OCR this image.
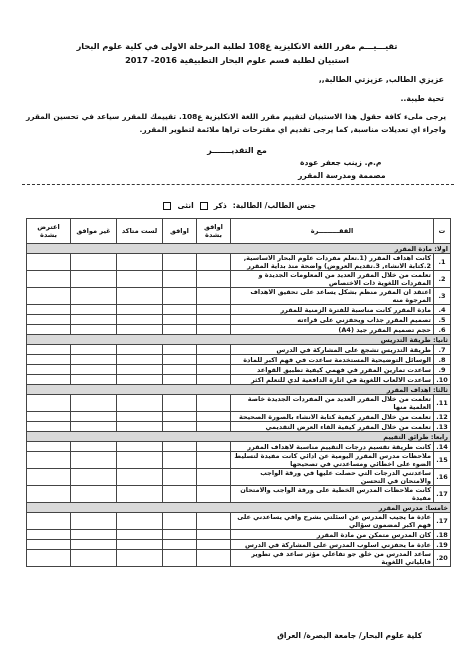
تقيـــيـــم مقرر اللغة الانكليزية ع108 لطلبة المرحلة الاولى في كلية علوم البحار
استبيان لطلبة قسم علوم البحار التطبيقية 2016- 2017
عزيزي الطالب, عزيزتي الطالبة,,
تحية طيبة..
يرجى ملىء كافة حقول هذا الاستبيان لتقييم مقرر اللغة الانكليزية ع108. تقييمك للمقرر سياعد في تحسين المقرر واجراء اي تعديلات مناسبة, كما يرجى تقديم اي مقترحات تراها ملائمة لتطوير المقرر.
مع التقديـــــــر
م.م. زينب جعفر عودة
مصممة ومدرسة المقرر
جنس الطالب/ الطالبة:
ذكر
انثى
ت	الفقـــــــــرة	اوافق بشدة	اوافق	لست متاكد	غير موافق	اعترض بشدة
اولا: مادة المقرر						
1.	كانت اهداف المقرر (1.تعلم مفردات علوم البحار الاساسية, 2.كتابة الانشاء, 3.تقديم العروض) واضحة منذ بداية المقرر					
2.	تعلمت من خلال المقرر العديد من المعلومات الجديدة و المفردات اللغوية ذات الاختصاص					
3.	اعتقد ان المقرر منظم بشكل يساعد على تحقيق الاهداف المرجوة منه					
4.	مادة المقرر كانت مناسبة للفترة الزمنية للمقرر					
5.	تصميم المقرر جذاب ويحفزني على قراءته					
6.	حجم تصميم المقرر جيد (A4)					
ثانيا: طريقة التدريس						
7.	طريقة التدريس تشجع على المشاركة في الدرس					
8.	الوسائل التوضيحية المستخدمة ساعدت في فهم اكبر للمادة					
9.	ساعدت تمارين المقرر في فهمي كيفية تطبيق القواعد					
10.	ساعدت الالعاب اللغوية في اثارة الدافعية لدي للتعلم اكثر					
ثالثا: اهداف المقرر						
11.	تعلمت من خلال المقرر العديد من المفردات الجديدة خاصة العلمية منها					
12.	تعلمت من خلال المقرر كيفية كتابة الانشاء بالصورة الصحيحة					
13.	تعلمت من خلال المقرر كيفية القاء العرض التقديمي					
رابعا: طرائق التقييم						
14.	كانت طريقة تقسيم درجات التقييم مناسبة لاهداف المقرر					
15.	ملاحظات مدرس المقرر اليومية عن ادائي كانت مفيدة لتسليط الضوء على اخطائي ومساعدتي في تصحيحها					
16.	ساعدتني الدرجات التي حصلت عليها في ورقة الواجب والامتحان في التحسن					
17.	كانت ملاحظات المدرس الخطية على ورقة الواجب والامتحان مفيدة					
خامسا: مدرس المقرر						
17.	عادة ما يجيب المدرس عن اسئلتي بشرح وافي يساعدني على فهم اكبر لمضمون سؤالي					
18.	كان المدرس متمكن من مادة المقرر					
19.	عادة ما يحفزني اسلوب المدرس على المشاركة في الدرس					
20.	ساعد المدرس من خلق جو تفاعلي مؤثر ساعد في تطوير قابلياتي اللغوية					
كلية علوم البحار/ جامعة البصرة/ العراق
